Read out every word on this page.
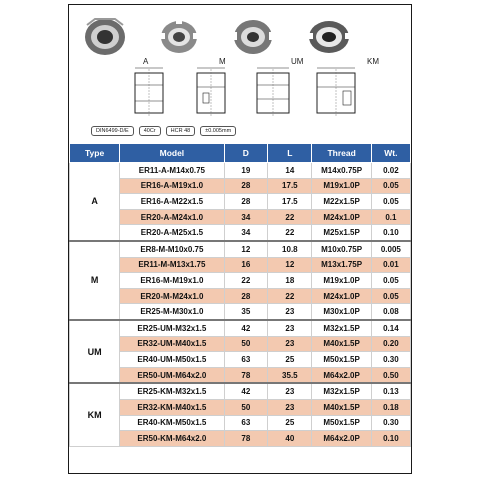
A	M	UM	KM
DIN6499-D/E	40Cr	HCR 48	±0.005mm
Type	Model	D	L	Thread	Wt.
A	ER11-A-M14x0.75	19	14	M14x0.75P	0.02
	ER16-A-M19x1.0	28	17.5	M19x1.0P	0.05
	ER16-A-M22x1.5	28	17.5	M22x1.5P	0.05
	ER20-A-M24x1.0	34	22	M24x1.0P	0.1
	ER20-A-M25x1.5	34	22	M25x1.5P	0.10
M	ER8-M-M10x0.75	12	10.8	M10x0.75P	0.005
	ER11-M-M13x1.75	16	12	M13x1.75P	0.01
	ER16-M-M19x1.0	22	18	M19x1.0P	0.05
	ER20-M-M24x1.0	28	22	M24x1.0P	0.05
	ER25-M-M30x1.0	35	23	M30x1.0P	0.08
UM	ER25-UM-M32x1.5	42	23	M32x1.5P	0.14
	ER32-UM-M40x1.5	50	23	M40x1.5P	0.20
	ER40-UM-M50x1.5	63	25	M50x1.5P	0.30
	ER50-UM-M64x2.0	78	35.5	M64x2.0P	0.50
KM	ER25-KM-M32x1.5	42	23	M32x1.5P	0.13
	ER32-KM-M40x1.5	50	23	M40x1.5P	0.18
	ER40-KM-M50x1.5	63	25	M50x1.5P	0.30
	ER50-KM-M64x2.0	78	40	M64x2.0P	0.10
